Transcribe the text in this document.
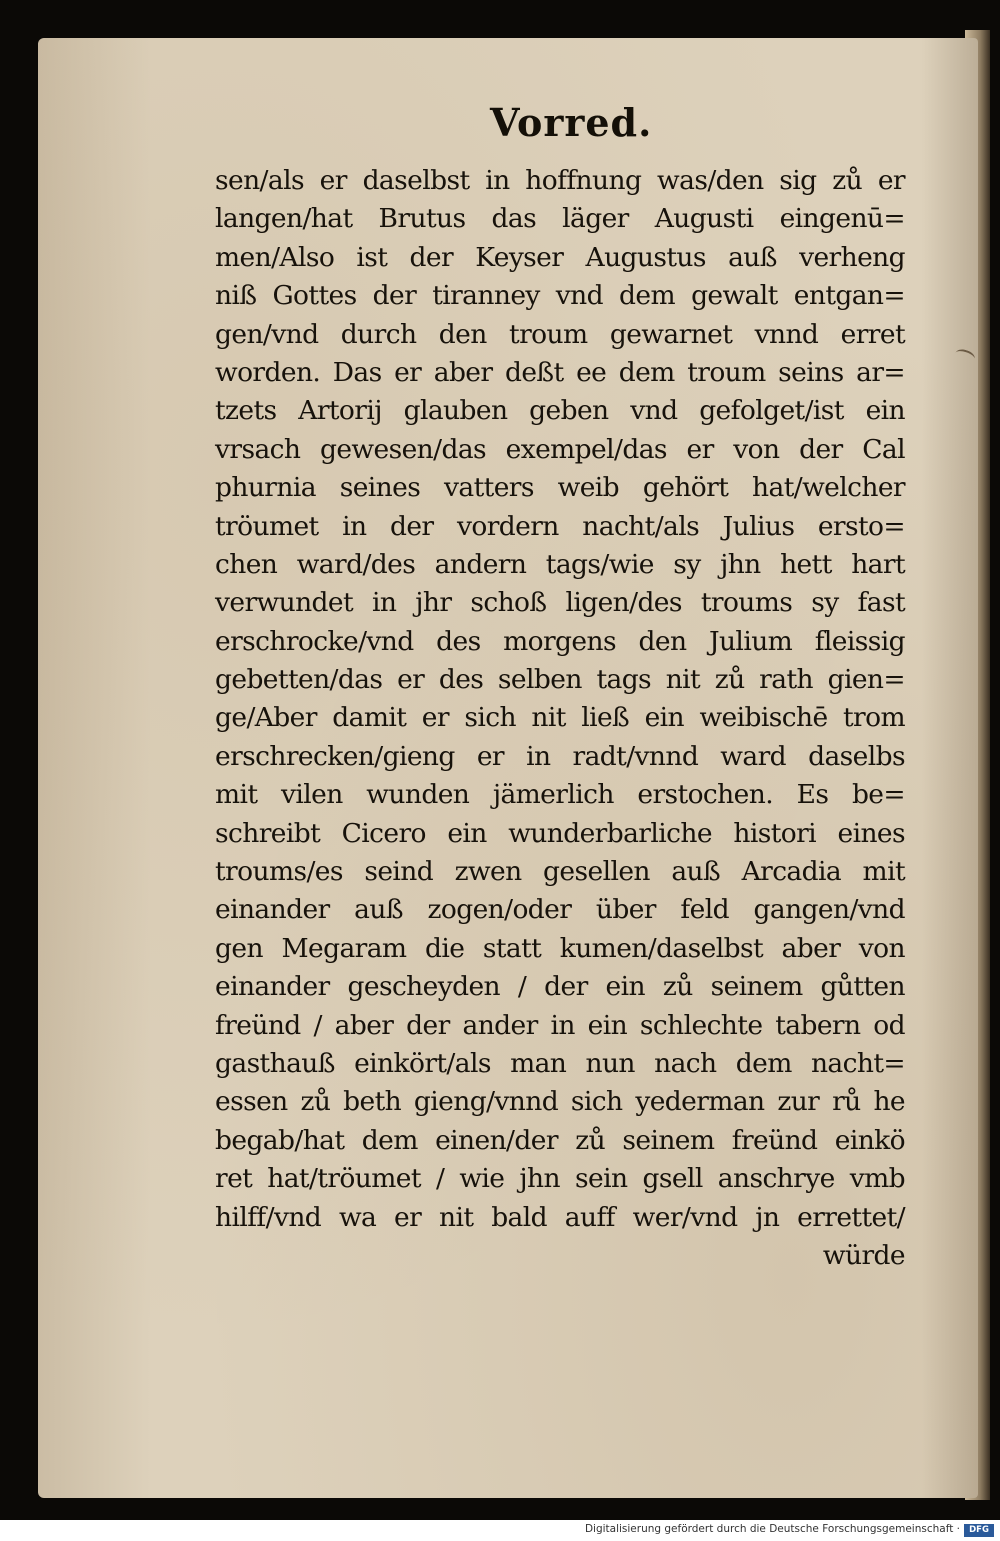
Vorred.
sen/als er daselbst in hoffnung was/den sig zů er
langen/hat Brutus das läger Augusti eingenū=
men/Also ist der Keyser Augustus auß verheng
niß Gottes der tiranney vnd dem gewalt entgan=
gen/vnd durch den troum gewarnet vnnd erret
worden. Das er aber deßt ee dem troum seins ar=
tzets Artorij glauben geben vnd gefolget/ist ein
vrsach gewesen/das exempel/das er von der Cal
phurnia seines vatters weib gehört hat/welcher
tröumet in der vordern nacht/als Julius ersto=
chen ward/des andern tags/wie sy jhn hett hart
verwundet in jhr schoß ligen/des troums sy fast
erschrocke/vnd des morgens den Julium fleissig
gebetten/das er des selben tags nit zů rath gien=
ge/Aber damit er sich nit ließ ein weibischē trom
erschrecken/gieng er in radt/vnnd ward daselbs
mit vilen wunden jämerlich erstochen. Es be=
schreibt Cicero ein wunderbarliche histori eines
troums/es seind zwen gesellen auß Arcadia mit
einander auß zogen/oder über feld gangen/vnd
gen Megaram die statt kumen/daselbst aber von
einander gescheyden / der ein zů seinem gůtten
freünd / aber der ander in ein schlechte tabern od
gasthauß einkört/als man nun nach dem nacht=
essen zů beth gieng/vnnd sich yederman zur rů he
begab/hat dem einen/der zů seinem freünd einkö
ret hat/tröumet / wie jhn sein gsell anschrye vmb
hilff/vnd wa er nit bald auff wer/vnd jn errettet/
würde
Digitalisierung gefördert durch die Deutsche Forschungsgemeinschaft ·	DFG
